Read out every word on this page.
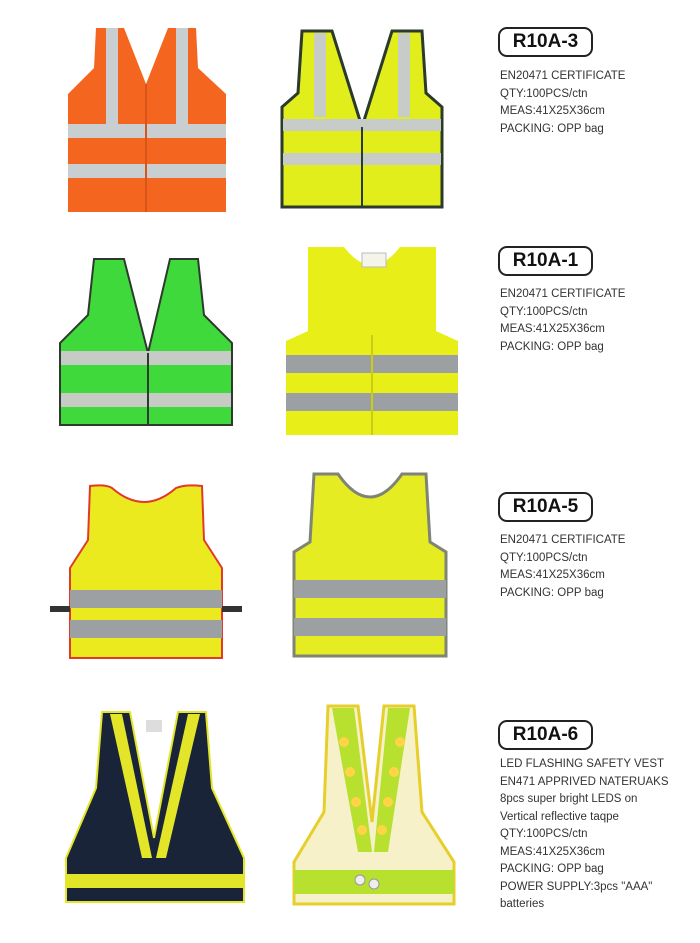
R10A-3
EN20471 CERTIFICATE
QTY:100PCS/ctn
MEAS:41X25X36cm
PACKING: OPP bag
R10A-1
EN20471 CERTIFICATE
QTY:100PCS/ctn
MEAS:41X25X36cm
PACKING: OPP bag
R10A-5
EN20471 CERTIFICATE
QTY:100PCS/ctn
MEAS:41X25X36cm
PACKING: OPP bag
R10A-6
LED FLASHING SAFETY VEST
EN471 APPRIVED NATERUAKS
8pcs super bright LEDS on Vertical reflective taqpe
QTY:100PCS/ctn
MEAS:41X25X36cm
PACKING: OPP bag
POWER SUPPLY:3pcs "AAA" batteries
